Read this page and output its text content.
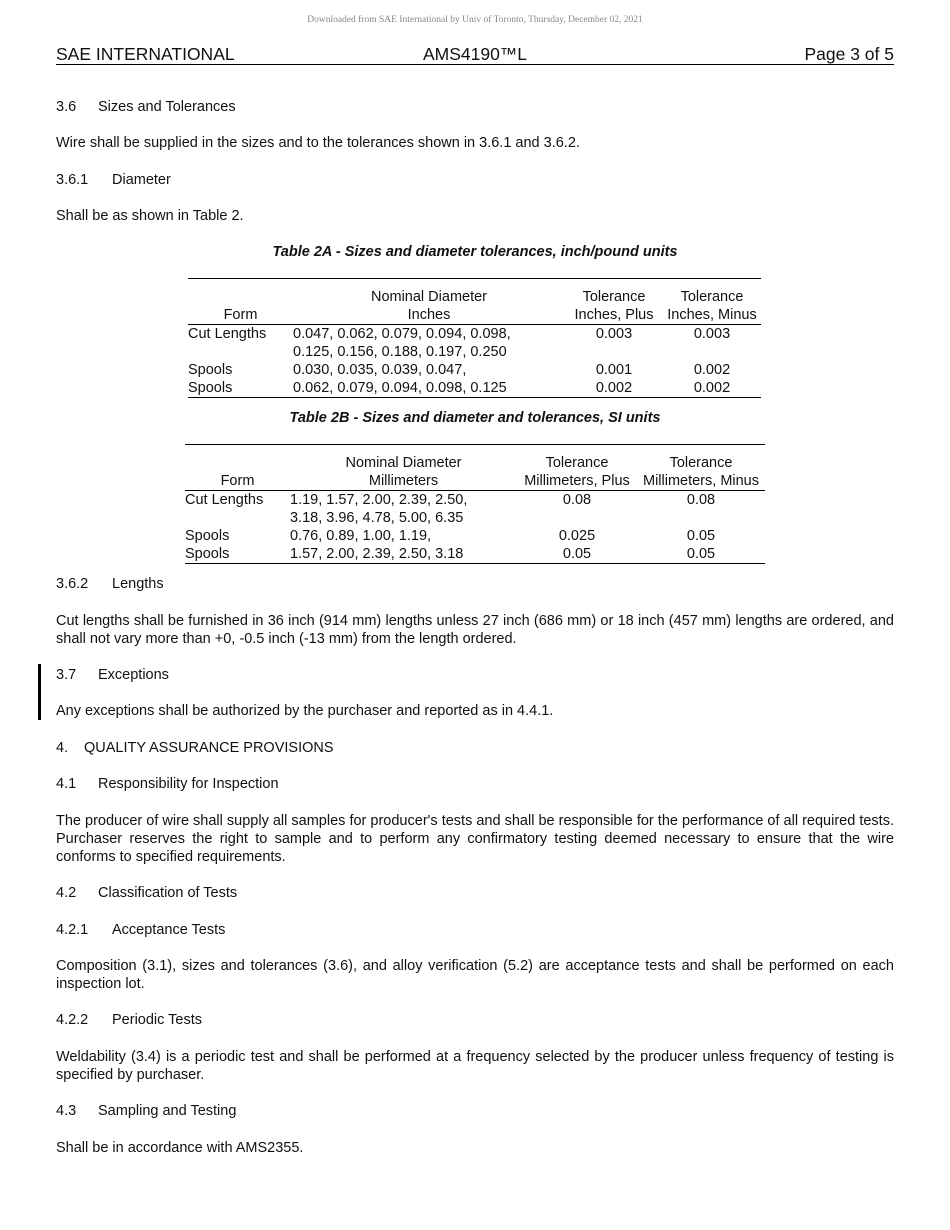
Downloaded from SAE International by Univ of Toronto, Thursday, December 02, 2021
SAE INTERNATIONAL	AMS4190™L	Page 3 of 5
3.6 Sizes and Tolerances
Wire shall be supplied in the sizes and to the tolerances shown in 3.6.1 and 3.6.2.
3.6.1 Diameter
Shall be as shown in Table 2.
Table 2A - Sizes and diameter tolerances, inch/pound units

	Nominal Diameter	Tolerance	Tolerance
Form	Inches	Inches, Plus	Inches, Minus
Cut Lengths	0.047, 0.062, 0.079, 0.094, 0.098,
0.125, 0.156, 0.188, 0.197, 0.250	0.003	0.003
Spools	0.030, 0.035, 0.039, 0.047,	0.001	0.002
Spools	0.062, 0.079, 0.094, 0.098, 0.125	0.002	0.002
Table 2B - Sizes and diameter and tolerances, SI units

	Nominal Diameter	Tolerance	Tolerance
Form	Millimeters	Millimeters, Plus	Millimeters, Minus
Cut Lengths	1.19, 1.57, 2.00, 2.39, 2.50,
3.18, 3.96, 4.78, 5.00, 6.35	0.08	0.08
Spools	0.76, 0.89, 1.00, 1.19,	0.025	0.05
Spools	1.57, 2.00, 2.39, 2.50, 3.18	0.05	0.05
3.6.2 Lengths
Cut lengths shall be furnished in 36 inch (914 mm) lengths unless 27 inch (686 mm) or 18 inch (457 mm) lengths are ordered, and shall not vary more than +0, -0.5 inch (-13 mm) from the length ordered.
3.7 Exceptions
Any exceptions shall be authorized by the purchaser and reported as in 4.4.1.
4. QUALITY ASSURANCE PROVISIONS
4.1 Responsibility for Inspection
The producer of wire shall supply all samples for producer's tests and shall be responsible for the performance of all required tests. Purchaser reserves the right to sample and to perform any confirmatory testing deemed necessary to ensure that the wire conforms to specified requirements.
4.2 Classification of Tests
4.2.1 Acceptance Tests
Composition (3.1), sizes and tolerances (3.6), and alloy verification (5.2) are acceptance tests and shall be performed on each inspection lot.
4.2.2 Periodic Tests
Weldability (3.4) is a periodic test and shall be performed at a frequency selected by the producer unless frequency of testing is specified by purchaser.
4.3 Sampling and Testing
Shall be in accordance with AMS2355.
